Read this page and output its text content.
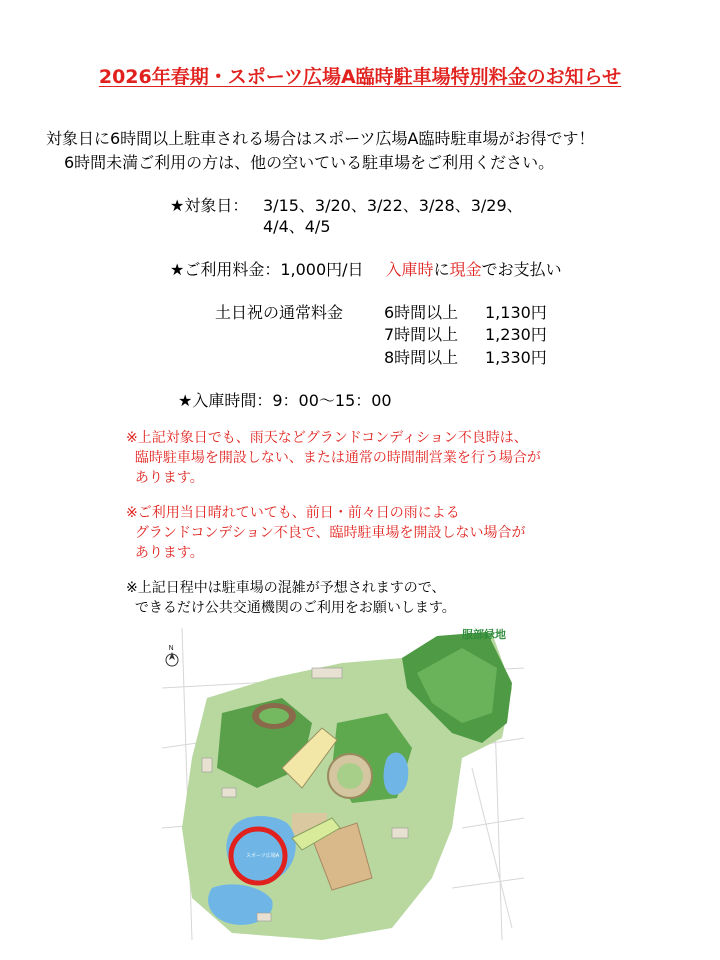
2026年春期・スポーツ広場A臨時駐車場特別料金のお知らせ
対象日に6時間以上駐車される場合はスポーツ広場A臨時駐車場がお得です！
6時間未満ご利用の方は、他の空いている駐車場をご利用ください。
★対象日： 3/15、3/20、3/22、3/28、3/29、
4/4、4/5
★ご利用料金：1,000円/日 入庫時に現金でお支払い
土日祝の通常料金	6時間以上 1,130円
7時間以上 1,230円
8時間以上 1,330円
★入庫時間：9：00～15：00
※上記対象日でも、雨天などグランドコンディション不良時は、
臨時駐車場を開設しない、または通常の時間制営業を行う場合が
あります。
※ご利用当日晴れていても、前日・前々日の雨による
グランドコンデション不良で、臨時駐車場を開設しない場合が
あります。
※上記日程中は駐車場の混雑が予想されますので、
できるだけ公共交通機関のご利用をお願いします。
N
服部緑地
スポーツ広場A
